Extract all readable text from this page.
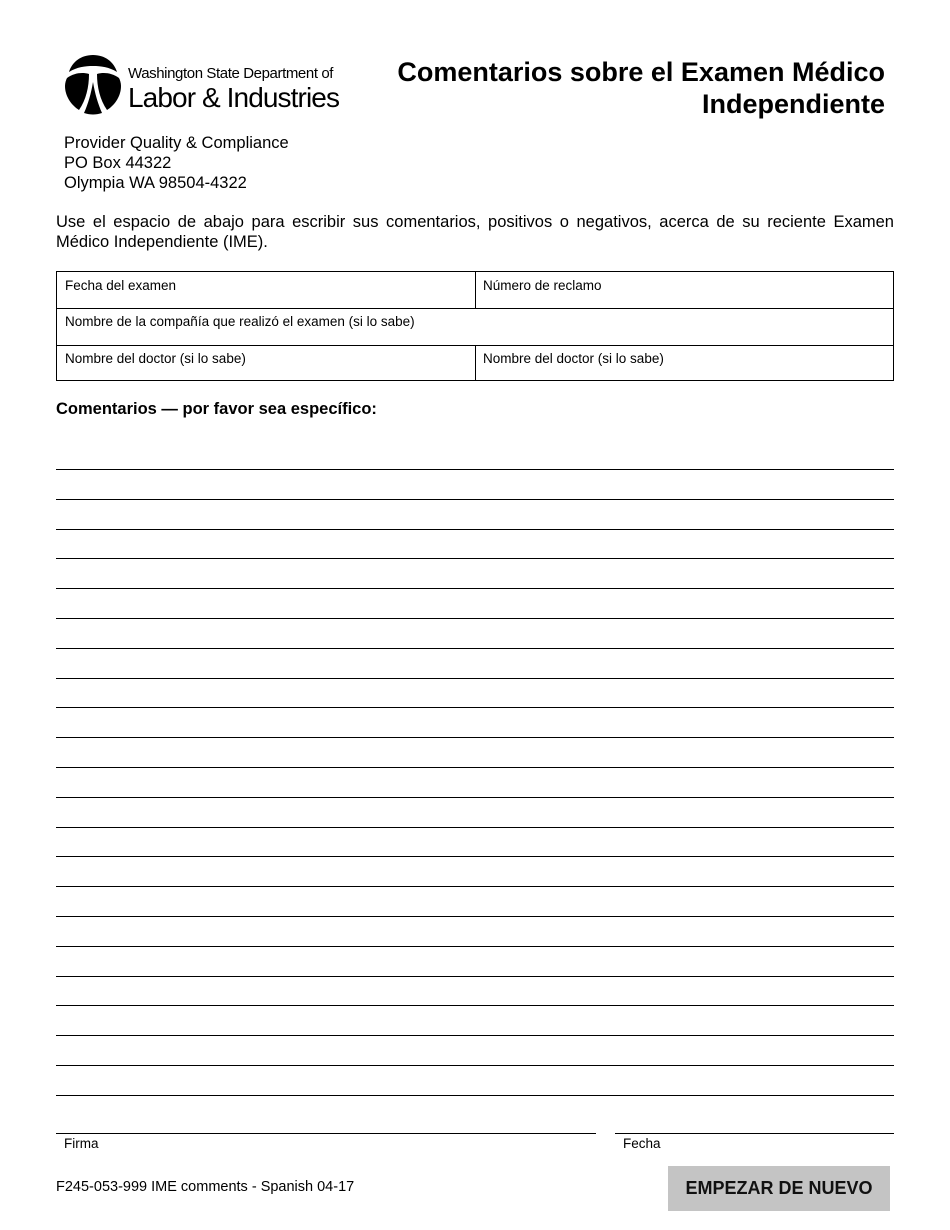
Washington State Department of
Labor & Industries
Comentarios sobre el Examen Médico
Independiente
Provider Quality & Compliance
PO Box 44322
Olympia WA 98504-4322
Use el espacio de abajo para escribir sus comentarios, positivos o negativos, acerca de su reciente Examen Médico Independiente (IME).
Fecha del examen	Número de reclamo
Nombre de la compañía que realizó el examen (si lo sabe)
Nombre del doctor (si lo sabe)	Nombre del doctor (si lo sabe)
Comentarios — por favor sea específico:
Firma	Fecha
F245-053-999 IME comments - Spanish 04-17	EMPEZAR DE NUEVO
